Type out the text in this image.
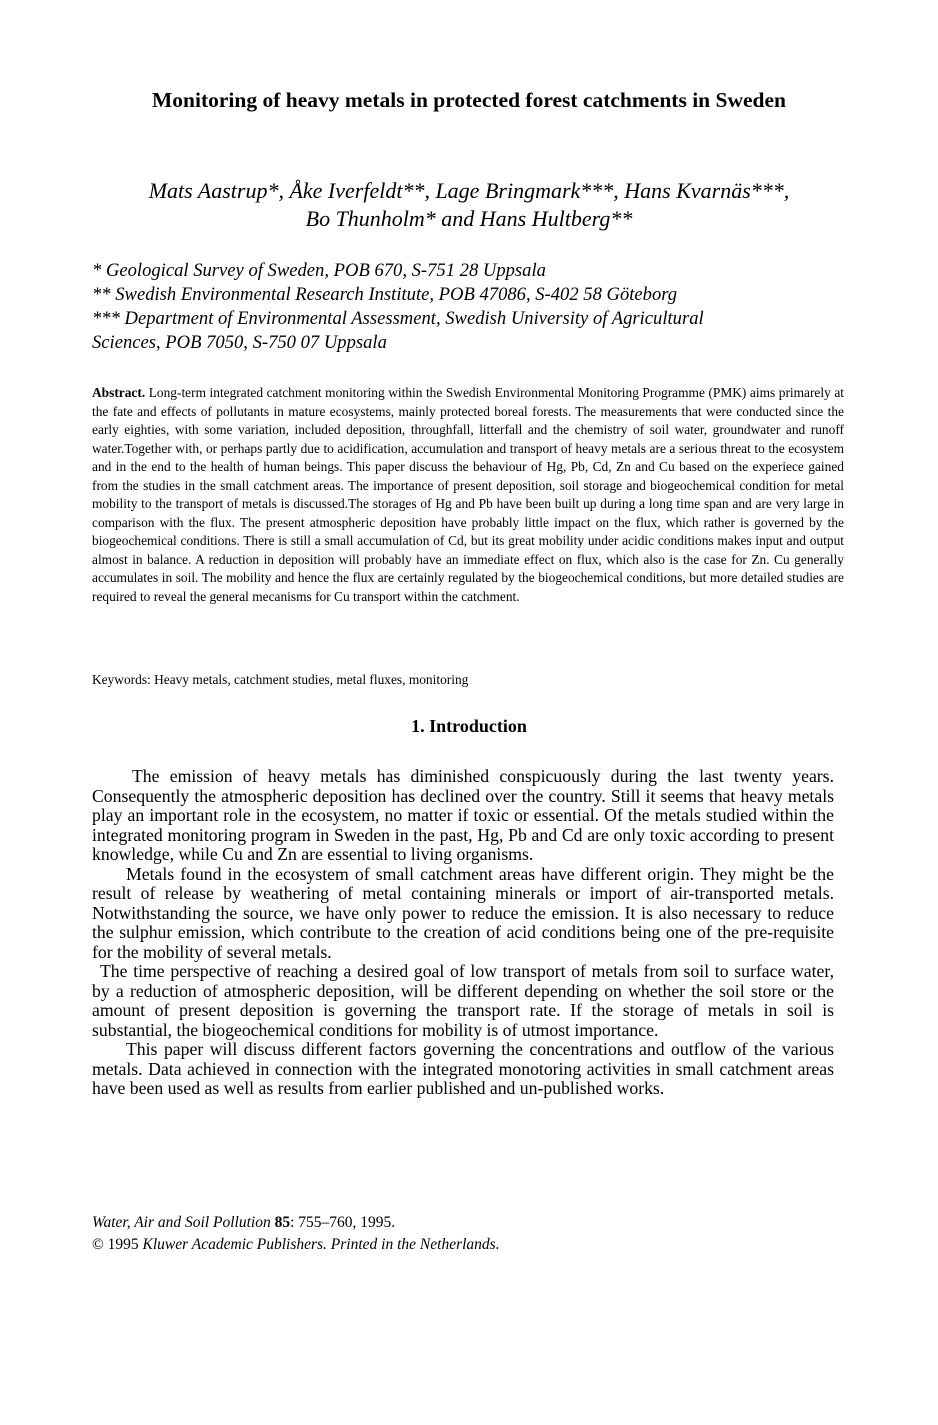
Monitoring of heavy metals in protected forest catchments in Sweden
Mats Aastrup*, Åke Iverfeldt**, Lage Bringmark***, Hans Kvarnäs***,
Bo Thunholm* and Hans Hultberg**
* Geological Survey of Sweden, POB 670, S-751 28 Uppsala
** Swedish Environmental Research Institute, POB 47086, S-402 58 Göteborg
*** Department of Environmental Assessment, Swedish University of Agricultural
Sciences, POB 7050, S-750 07 Uppsala
Abstract. Long-term integrated catchment monitoring within the Swedish Environmental Monitoring Programme (PMK) aims primarely at the fate and effects of pollutants in mature ecosystems, mainly protected boreal forests. The measurements that were conducted since the early eighties, with some variation, included deposition, throughfall, litterfall and the chemistry of soil water, groundwater and runoff water.Together with, or perhaps partly due to acidification, accumulation and transport of heavy metals are a serious threat to the ecosystem and in the end to the health of human beings. This paper discuss the behaviour of Hg, Pb, Cd, Zn and Cu based on the experiece gained from the studies in the small catchment areas. The importance of present deposition, soil storage and biogeochemical condition for metal mobility to the transport of metals is discussed.The storages of Hg and Pb have been built up during a long time span and are very large in comparison with the flux. The present atmospheric deposition have probably little impact on the flux, which rather is governed by the biogeochemical conditions. There is still a small accumulation of Cd, but its great mobility under acidic conditions makes input and output almost in balance. A reduction in deposition will probably have an immediate effect on flux, which also is the case for Zn. Cu generally accumulates in soil. The mobility and hence the flux are certainly regulated by the biogeochemical conditions, but more detailed studies are required to reveal the general mecanisms for Cu transport within the catchment.
Keywords: Heavy metals, catchment studies, metal fluxes, monitoring
1. Introduction

The emission of heavy metals has diminished conspicuously during the last twenty years. Consequently the atmospheric deposition has declined over the country. Still it seems that heavy metals play an important role in the ecosystem, no matter if toxic or essential. Of the metals studied within the integrated monitoring program in Sweden in the past, Hg, Pb and Cd are only toxic according to present knowledge, while Cu and Zn are essential to living organisms.

Metals found in the ecosystem of small catchment areas have different origin. They might be the result of release by weathering of metal containing minerals or import of air-transported metals. Notwithstanding the source, we have only power to reduce the emission. It is also necessary to reduce the sulphur emission, which contribute to the creation of acid conditions being one of the pre-requisite for the mobility of several metals.

The time perspective of reaching a desired goal of low transport of metals from soil to surface water, by a reduction of atmospheric deposition, will be different depending on whether the soil store or the amount of present deposition is governing the transport rate. If the storage of metals in soil is substantial, the biogeochemical conditions for mobility is of utmost importance.

This paper will discuss different factors governing the concentrations and outflow of the various metals. Data achieved in connection with the integrated monotoring activities in small catchment areas have been used as well as results from earlier published and un-published works.

Water, Air and Soil Pollution 85: 755–760, 1995.
© 1995 Kluwer Academic Publishers. Printed in the Netherlands.
